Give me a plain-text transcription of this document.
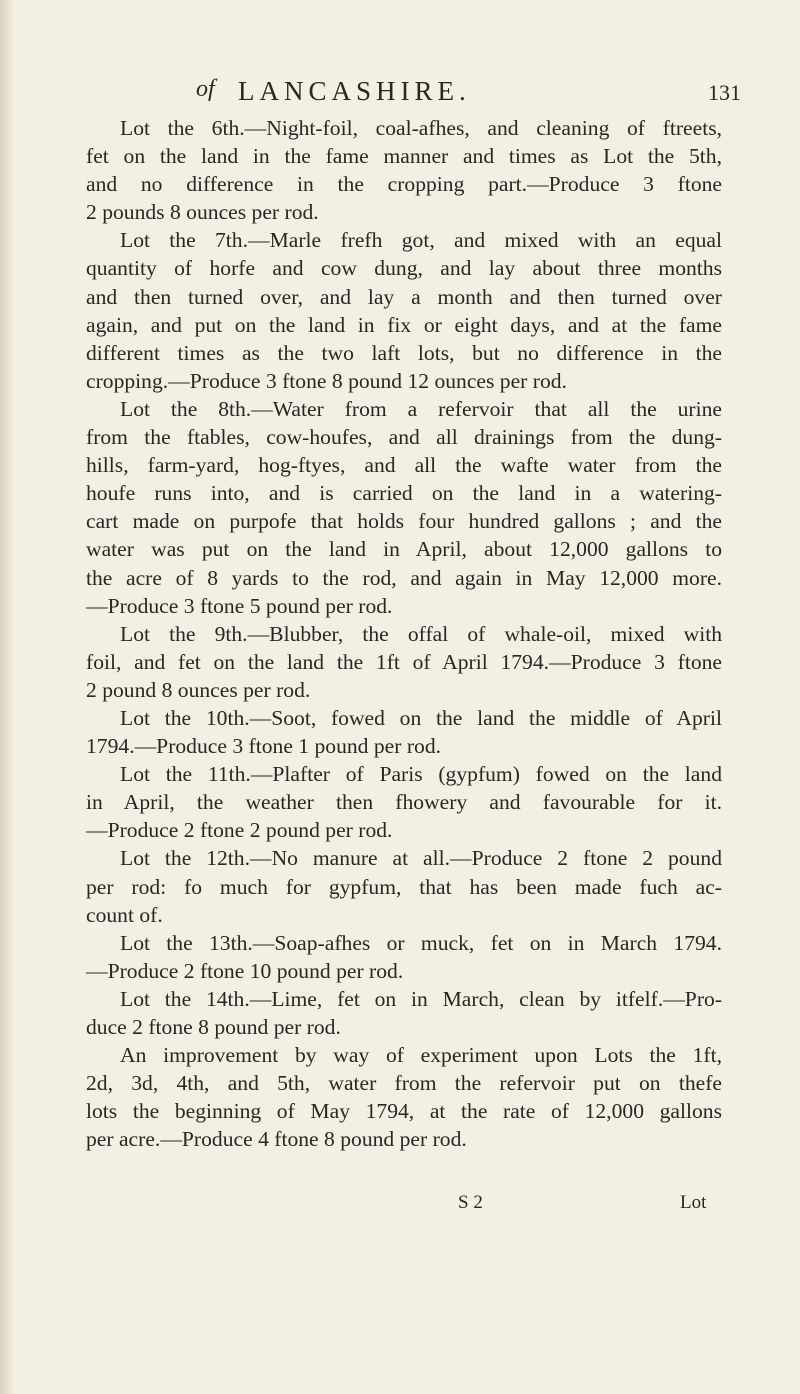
of LANCASHIRE.	131
Lot the 6th.—Night-foil, coal-afhes, and cleaning of ftreets,
fet on the land in the fame manner and times as Lot the 5th,
and no difference in the cropping part.—Produce 3 ftone
2 pounds 8 ounces per rod.
Lot the 7th.—Marle frefh got, and mixed with an equal
quantity of horfe and cow dung, and lay about three months
and then turned over, and lay a month and then turned over
again, and put on the land in fix or eight days, and at the fame
different times as the two laft lots, but no difference in the
cropping.—Produce 3 ftone 8 pound 12 ounces per rod.
Lot the 8th.—Water from a refervoir that all the urine
from the ftables, cow-houfes, and all drainings from the dung-
hills, farm-yard, hog-ftyes, and all the wafte water from the
houfe runs into, and is carried on the land in a watering-
cart made on purpofe that holds four hundred gallons ; and the
water was put on the land in April, about 12,000 gallons to
the acre of 8 yards to the rod, and again in May 12,000 more.
—Produce 3 ftone 5 pound per rod.
Lot the 9th.—Blubber, the offal of whale-oil, mixed with
foil, and fet on the land the 1ft of April 1794.—Produce 3 ftone
2 pound 8 ounces per rod.
Lot the 10th.—Soot, fowed on the land the middle of April
1794.—Produce 3 ftone 1 pound per rod.
Lot the 11th.—Plafter of Paris (gypfum) fowed on the land
in April, the weather then fhowery and favourable for it.
—Produce 2 ftone 2 pound per rod.
Lot the 12th.—No manure at all.—Produce 2 ftone 2 pound
per rod: fo much for gypfum, that has been made fuch ac-
count of.
Lot the 13th.—Soap-afhes or muck, fet on in March 1794.
—Produce 2 ftone 10 pound per rod.
Lot the 14th.—Lime, fet on in March, clean by itfelf.—Pro-
duce 2 ftone 8 pound per rod.
An improvement by way of experiment upon Lots the 1ft,
2d, 3d, 4th, and 5th, water from the refervoir put on thefe
lots the beginning of May 1794, at the rate of 12,000 gallons
per acre.—Produce 4 ftone 8 pound per rod.
S 2	Lot
